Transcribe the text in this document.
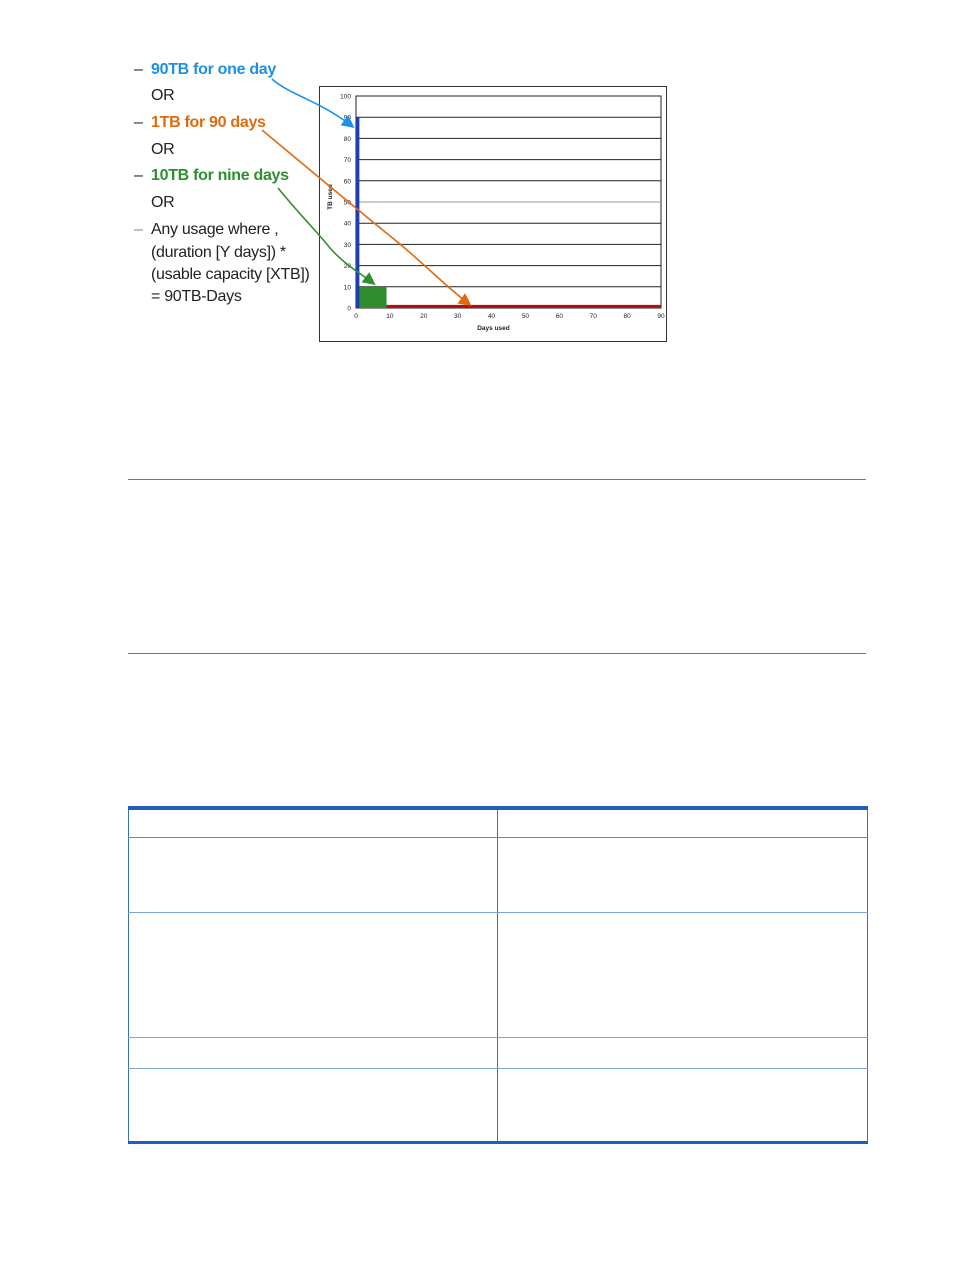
– 90TB for one day
OR
– 1TB for 90 days
OR
– 10TB for nine days
OR
– Any usage where ,
(duration [Y days]) *
(usable capacity [XTB])
= 90TB-Days
0
10
20
30
40
50
60
70
80
90
100
0	10	20	30	40	50	60	70	80	90
Days used
TB used
